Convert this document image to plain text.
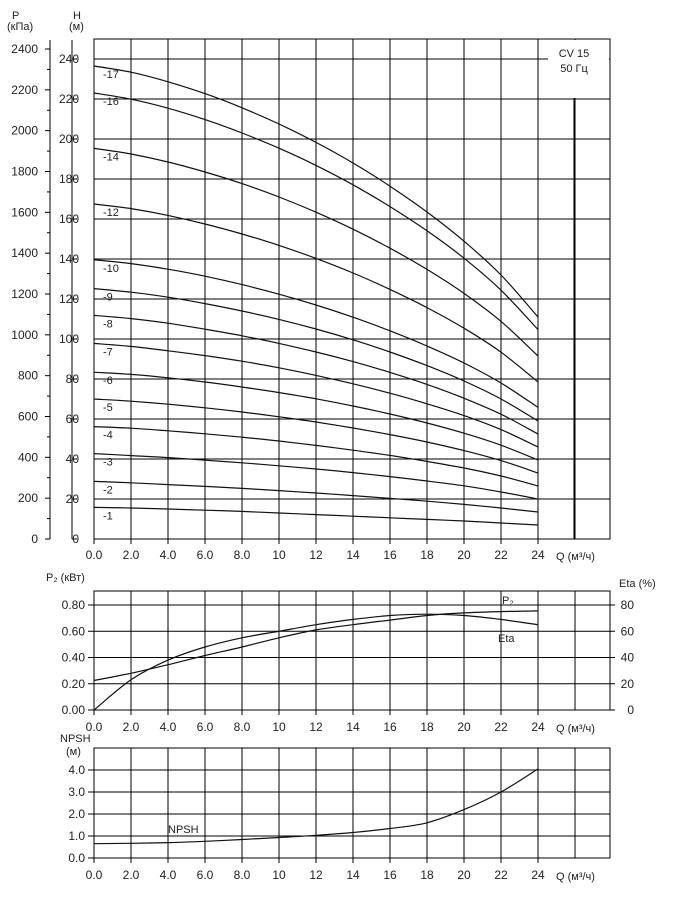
CV 15
50 Гц
P
(кПа)
H
(м)
0
200
400
600
800
1000
1200
1400
1600
1800
2000
2200
2400
0
20
40
60
80
100
120
140
160
180
200
220
240
0.0 2.0 4.0 6.0 8.0 10 12 14 16 18 20 22 24 Q (м³/ч)
-1
-2
-3
-4
-5
-6
-7
-8
-9
-10
-12
-14
-16
-17
P₂ (кВт)	Eta (%)
0.00
0.20
0.40
0.60
0.80
0
20
40
60
80
0.0 2.0 4.0 6.0 8.0 10 12 14 16 18 20 22 24 Q (м³/ч)
P₂
Eta
NPSH
(м)
0.0
1.0
2.0
3.0
4.0
0.0 2.0 4.0 6.0 8.0 10 12 14 16 18 20 22 24 Q (м³/ч)
NPSH
